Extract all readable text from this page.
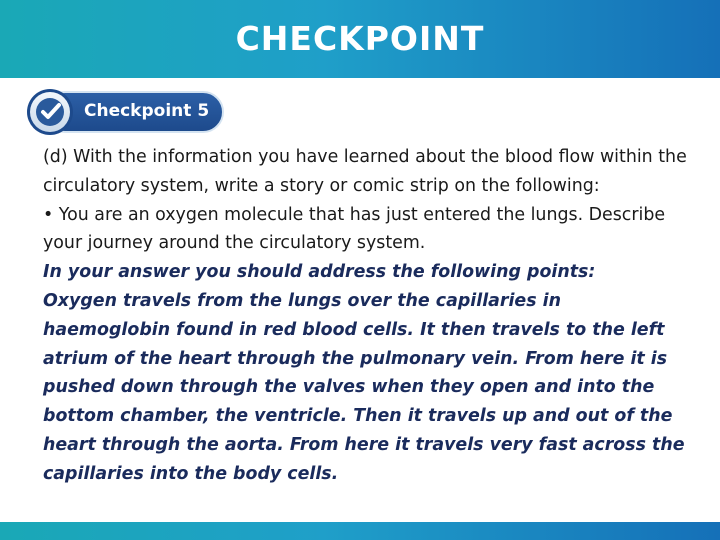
CHECKPOINT
Checkpoint 5

(d) With the information you have learned about the blood flow within the circulatory system, write a story or comic strip on the following:

• You are an oxygen molecule that has just entered the lungs. Describe your journey around the circulatory system.

In your answer you should address the following points:

Oxygen travels from the lungs over the capillaries in haemoglobin found in red blood cells. It then travels to the left atrium of the heart through the pulmonary vein. From here it is pushed down through the valves when they open and into the bottom chamber, the ventricle. Then it travels up and out of the heart through the aorta. From here it travels very fast across the capillaries into the body cells.
